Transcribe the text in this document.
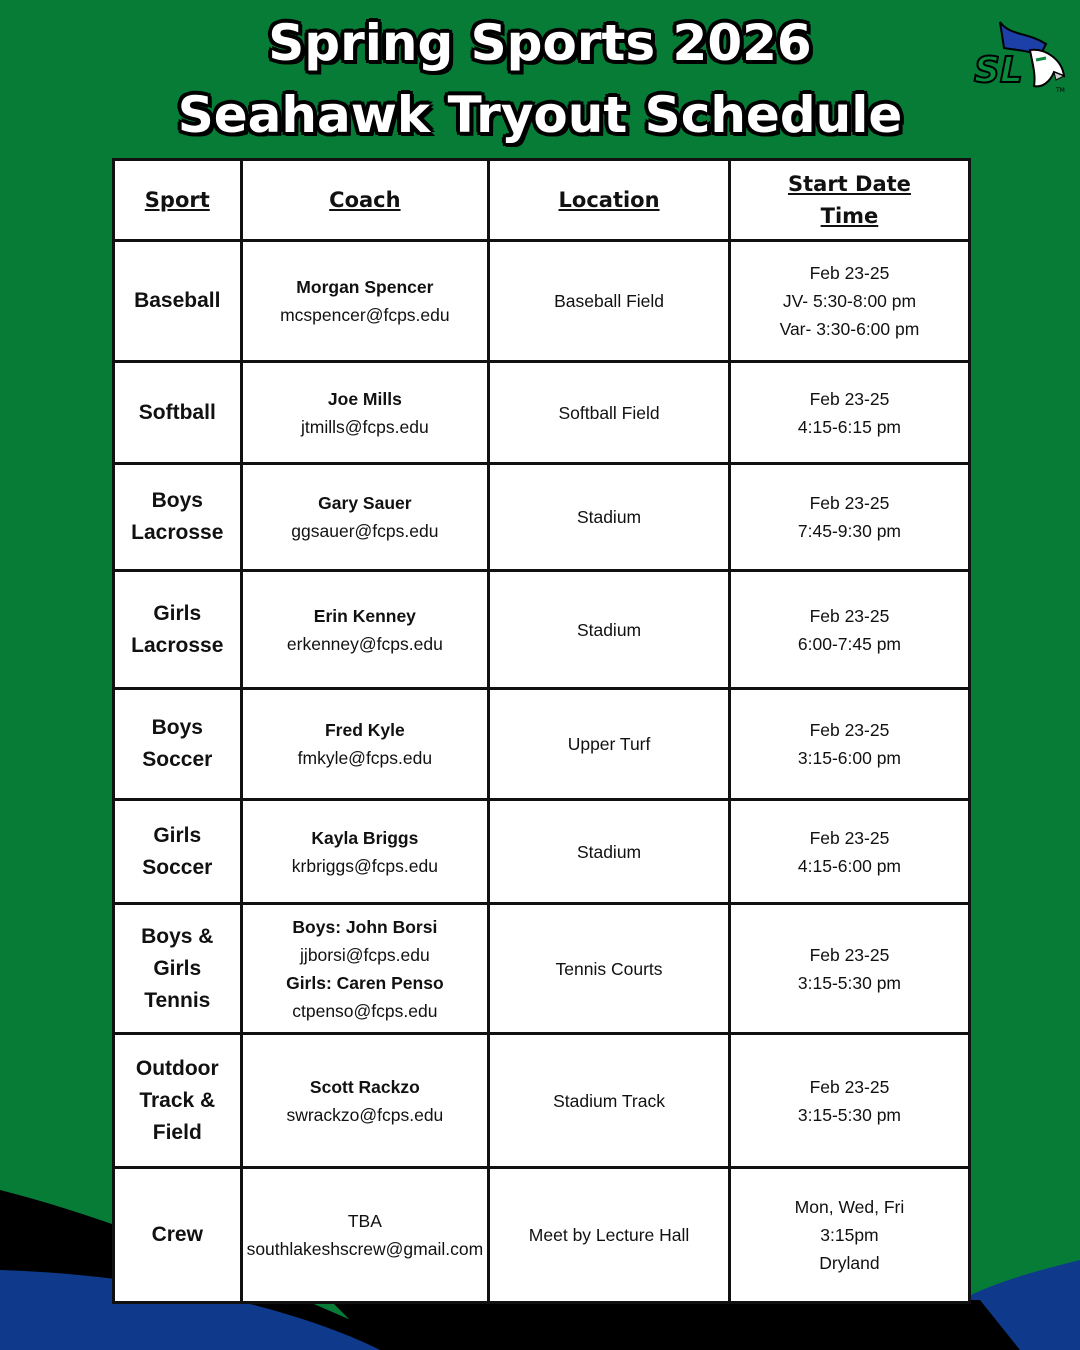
Spring Sports 2026
Seahawk Tryout Schedule
SL	TM
Sport	Coach	Location	Start Date
Time

Baseball	Morgan Spencer
mcspencer@fcps.edu	Baseball Field	Feb 23-25
JV- 5:30-8:00 pm
Var- 3:30-6:00 pm

Softball	Joe Mills
jtmills@fcps.edu	Softball Field	Feb 23-25
4:15-6:15 pm

Boys
Lacrosse	Gary Sauer
ggsauer@fcps.edu	Stadium	Feb 23-25
7:45-9:30 pm

Girls
Lacrosse	Erin Kenney
erkenney@fcps.edu	Stadium	Feb 23-25
6:00-7:45 pm

Boys
Soccer	Fred Kyle
fmkyle@fcps.edu	Upper Turf	Feb 23-25
3:15-6:00 pm

Girls
Soccer	Kayla Briggs
krbriggs@fcps.edu	Stadium	Feb 23-25
4:15-6:00 pm

Boys &
Girls Tennis	Boys: John Borsi
jjborsi@fcps.edu
Girls: Caren Penso
ctpenso@fcps.edu	Tennis Courts	Feb 23-25
3:15-5:30 pm

Outdoor
Track &
Field	Scott Rackzo
swrackzo@fcps.edu	Stadium Track	Feb 23-25
3:15-5:30 pm

Crew	TBA
southlakeshscrew@gmail.com	Meet by Lecture Hall	Mon, Wed, Fri
3:15pm
Dryland
